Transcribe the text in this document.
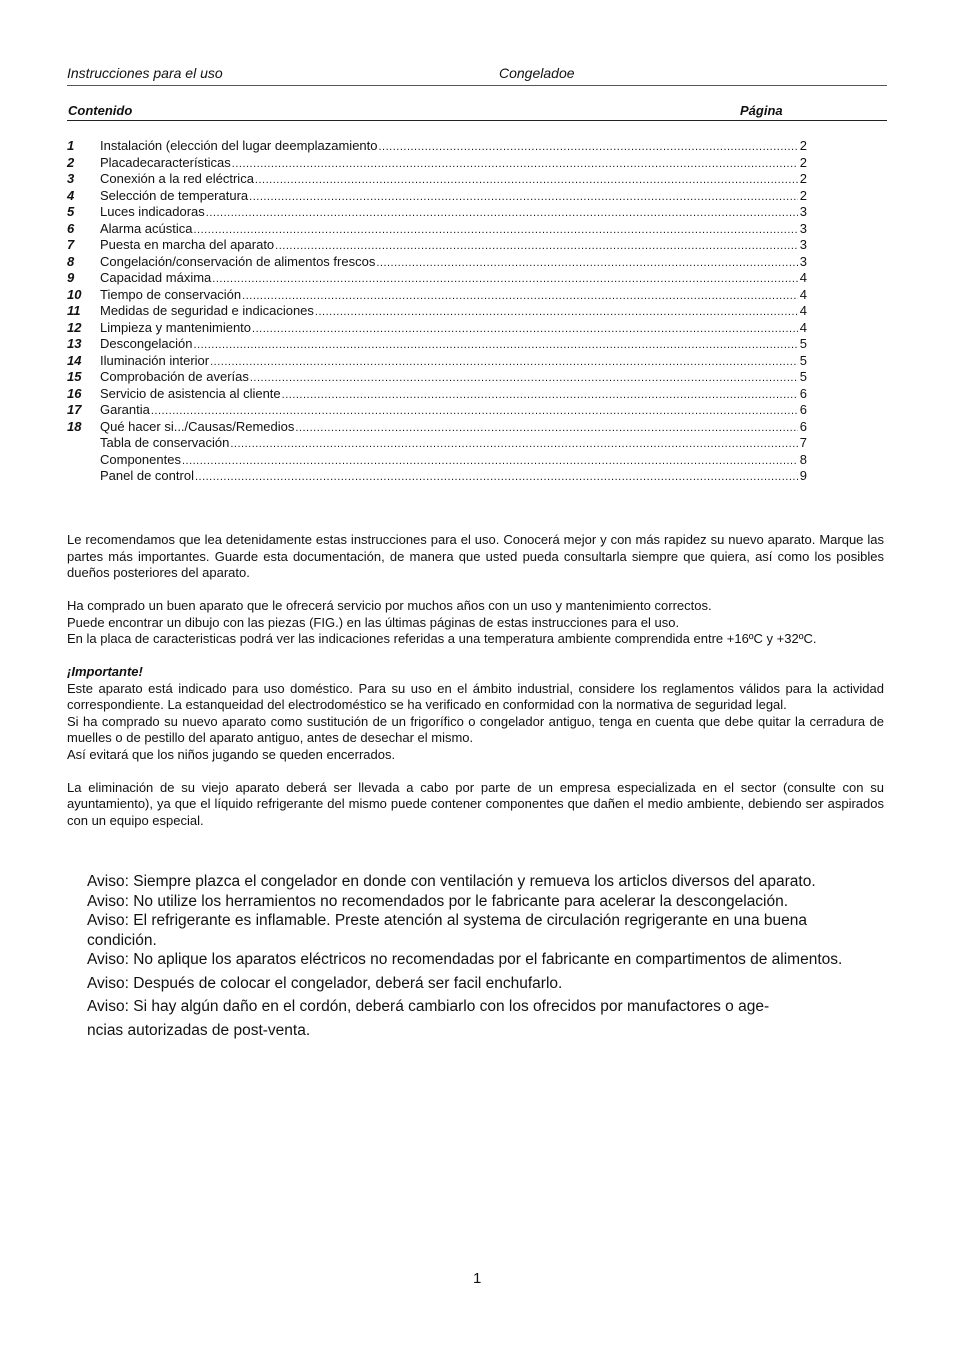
Instrucciones para el uso	Congeladoe
Contenido	Página
1	Instalación (elección del lugar deemplazamiento .....	2
2	Placadecaracterísticas .....	2
3	Conexión a la red eléctrica .....	2
4	Selección de temperatura .....	2
5	Luces indicadoras .....	3
6	Alarma acústica .....	3
7	Puesta en marcha del aparato .....	3
8	Congelación/conservación de alimentos frescos .....	3
9	Capacidad máxima .....	4
10	Tiempo de conservación .....	4
11	Medidas de seguridad e indicaciones .....	4
12	Limpieza y mantenimiento .....	4
13	Descongelación .....	5
14	Iluminación interior .....	5
15	Comprobación de averías .....	5
16	Servicio de asistencia al cliente .....	6
17	Garantia .....	6
18	Qué hacer si.../Causas/Remedios .....	6
Tabla de conservación .....	7
Componentes .....	8
Panel de control .....	9

Le recomendamos que lea detenidamente estas instrucciones para el uso. Conocerá mejor y con más rapidez su nuevo aparato. Marque las partes más importantes. Guarde esta documentación, de manera que usted pueda consultarla siempre que quiera, así como los posibles dueños posteriores del aparato.

Ha comprado un buen aparato que le ofrecerá servicio por muchos años con un uso y mantenimiento correctos.

Puede encontrar un dibujo con las piezas (FIG.) en las últimas páginas de estas instrucciones para el uso.

En la placa de caracteristicas podrá ver las indicaciones referidas a una temperatura ambiente comprendida entre +16ºC y +32ºC.

¡Importante!

Este aparato está indicado para uso doméstico. Para su uso en el ámbito industrial, considere los reglamentos válidos para la actividad correspondiente. La estanqueidad del electrodoméstico se ha verificado en conformidad con la normativa de seguridad legal.

Si ha comprado su nuevo aparato como sustitución de un frigorífico o congelador antiguo, tenga en cuenta que debe quitar la cerradura de muelles o de pestillo del aparato antiguo, antes de desechar el mismo.

Así evitará que los niños jugando se queden encerrados.

La eliminación de su viejo aparato deberá ser llevada a cabo por parte de un empresa especializada en el sector (consulte con su ayuntamiento), ya que el líquido refrigerante del mismo puede contener componentes que dañen el medio ambiente, debiendo ser aspirados con un equipo especial.

Aviso: Siempre plazca el congelador en donde con ventilación y remueva los articlos diversos del aparato.

Aviso: No utilize los herramientos no recomendados por le fabricante para acelerar la descongelación.

Aviso: El refrigerante es inflamable. Preste atención al systema de circulación regrigerante en una buena condición.

Aviso: No aplique los aparatos eléctricos no recomendadas por el fabricante en compartimentos de alimentos.

Aviso: Después de colocar el congelador, deberá ser facil enchufarlo.

Aviso: Si hay algún daño en el cordón, deberá cambiarlo con los ofrecidos por manufactores o age-

ncias autorizadas de post-venta.

1
